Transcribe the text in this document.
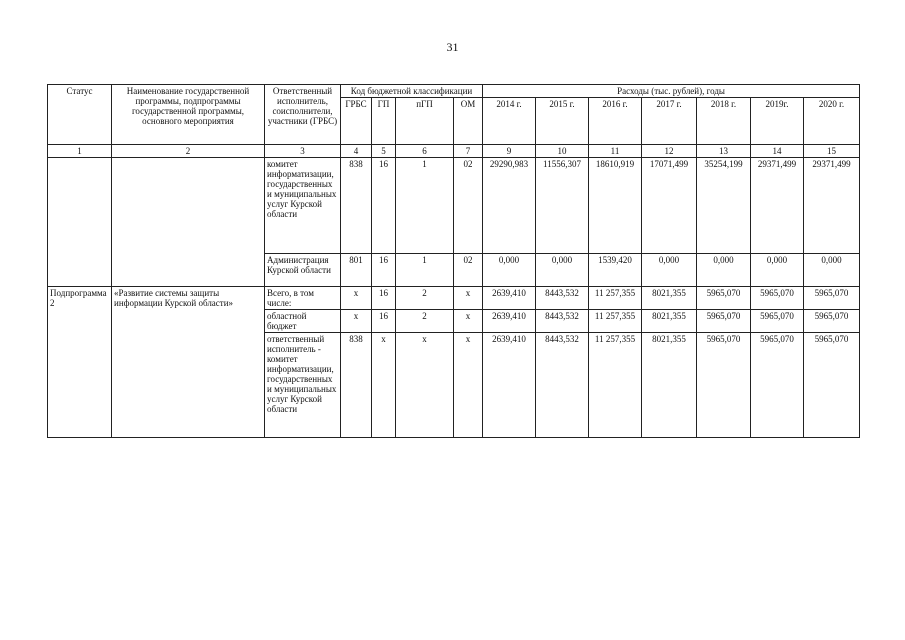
31
Статус	Наименование государственной программы, подпрограммы государственной программы, основного мероприятия	Ответственный исполнитель, соисполнители, участники (ГРБС)	Код бюджетной классификации				Расходы (тыс. рублей), годы						
			ГРБС	ГП	пГП	ОМ	2014 г.	2015 г.	2016 г.	2017 г.	2018 г.	2019г.	2020 г.
1	2	3	4	5	6	7	9	10	11	12	13	14	15
		комитет информатизации, государственных и муниципальных услуг Курской области	838	16	1	02	29290,983	11556,307	18610,919	17071,499	35254,199	29371,499	29371,499
		Администрация Курской области	801	16	1	02	0,000	0,000	1539,420	0,000	0,000	0,000	0,000
Подпрограмма 2	«Развитие системы защиты информации Курской области»	Всего, в том числе:	х	16	2	х	2639,410	8443,532	11 257,355	8021,355	5965,070	5965,070	5965,070
		областной бюджет	х	16	2	х	2639,410	8443,532	11 257,355	8021,355	5965,070	5965,070	5965,070
		ответственный исполнитель - комитет информатизации, государственных и муниципальных услуг Курской области	838	х	х	х	2639,410	8443,532	11 257,355	8021,355	5965,070	5965,070	5965,070
